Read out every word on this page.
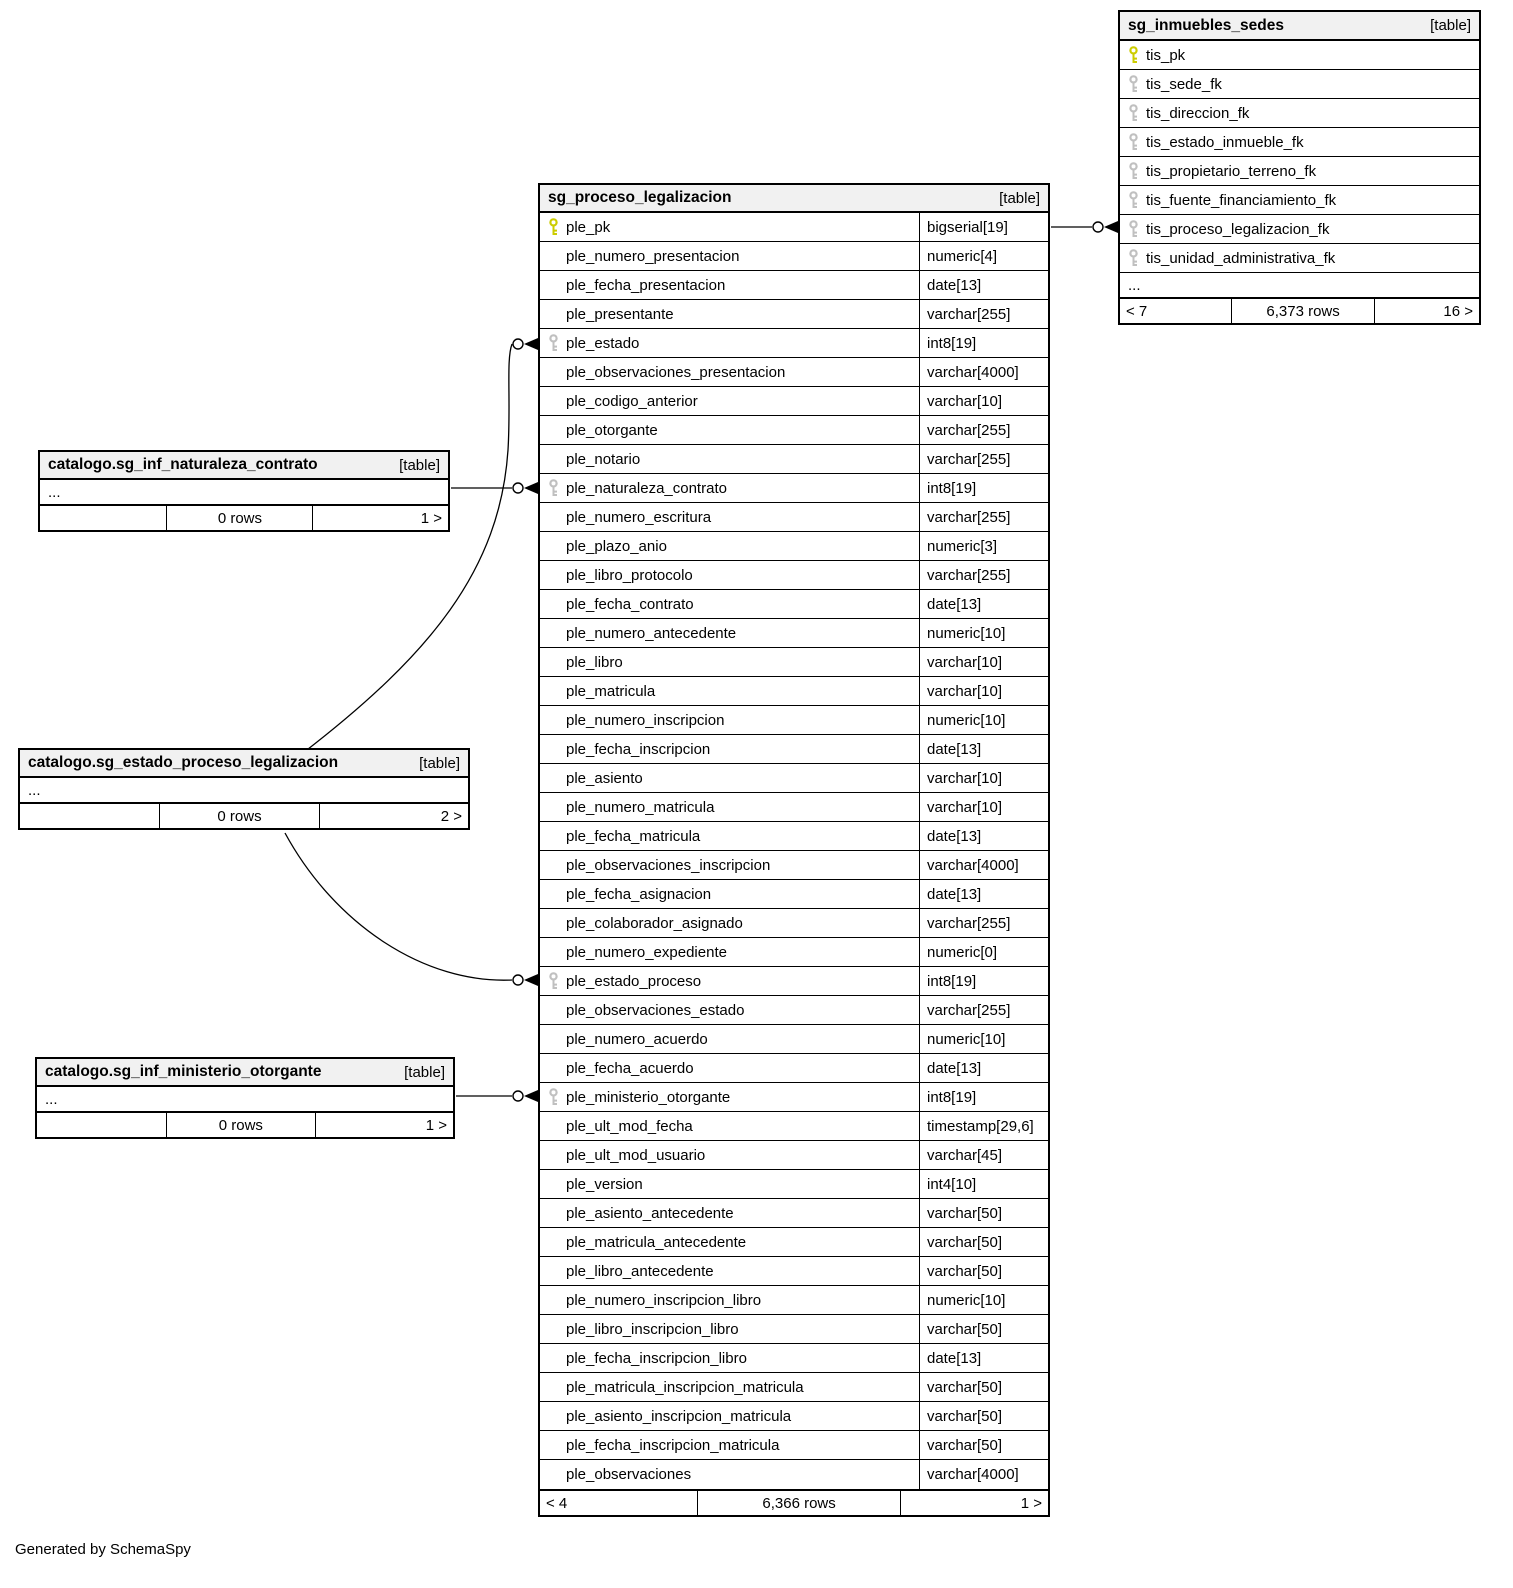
sg_proceso_legalizacion	[table]
ple_pk	bigserial[19]
ple_numero_presentacion	numeric[4]
ple_fecha_presentacion	date[13]
ple_presentante	varchar[255]
ple_estado	int8[19]
ple_observaciones_presentacion	varchar[4000]
ple_codigo_anterior	varchar[10]
ple_otorgante	varchar[255]
ple_notario	varchar[255]
ple_naturaleza_contrato	int8[19]
ple_numero_escritura	varchar[255]
ple_plazo_anio	numeric[3]
ple_libro_protocolo	varchar[255]
ple_fecha_contrato	date[13]
ple_numero_antecedente	numeric[10]
ple_libro	varchar[10]
ple_matricula	varchar[10]
ple_numero_inscripcion	numeric[10]
ple_fecha_inscripcion	date[13]
ple_asiento	varchar[10]
ple_numero_matricula	varchar[10]
ple_fecha_matricula	date[13]
ple_observaciones_inscripcion	varchar[4000]
ple_fecha_asignacion	date[13]
ple_colaborador_asignado	varchar[255]
ple_numero_expediente	numeric[0]
ple_estado_proceso	int8[19]
ple_observaciones_estado	varchar[255]
ple_numero_acuerdo	numeric[10]
ple_fecha_acuerdo	date[13]
ple_ministerio_otorgante	int8[19]
ple_ult_mod_fecha	timestamp[29,6]
ple_ult_mod_usuario	varchar[45]
ple_version	int4[10]
ple_asiento_antecedente	varchar[50]
ple_matricula_antecedente	varchar[50]
ple_libro_antecedente	varchar[50]
ple_numero_inscripcion_libro	numeric[10]
ple_libro_inscripcion_libro	varchar[50]
ple_fecha_inscripcion_libro	date[13]
ple_matricula_inscripcion_matricula	varchar[50]
ple_asiento_inscripcion_matricula	varchar[50]
ple_fecha_inscripcion_matricula	varchar[50]
ple_observaciones	varchar[4000]
< 4	6,366 rows	1 >
sg_inmuebles_sedes	[table]
tis_pk
tis_sede_fk
tis_direccion_fk
tis_estado_inmueble_fk
tis_propietario_terreno_fk
tis_fuente_financiamiento_fk
tis_proceso_legalizacion_fk
tis_unidad_administrativa_fk
...
< 7	6,373 rows	16 >
catalogo.sg_inf_naturaleza_contrato	[table]
...
0 rows	1 >
catalogo.sg_estado_proceso_legalizacion	[table]
...
0 rows	2 >
catalogo.sg_inf_ministerio_otorgante	[table]
...
0 rows	1 >
Generated by SchemaSpy
